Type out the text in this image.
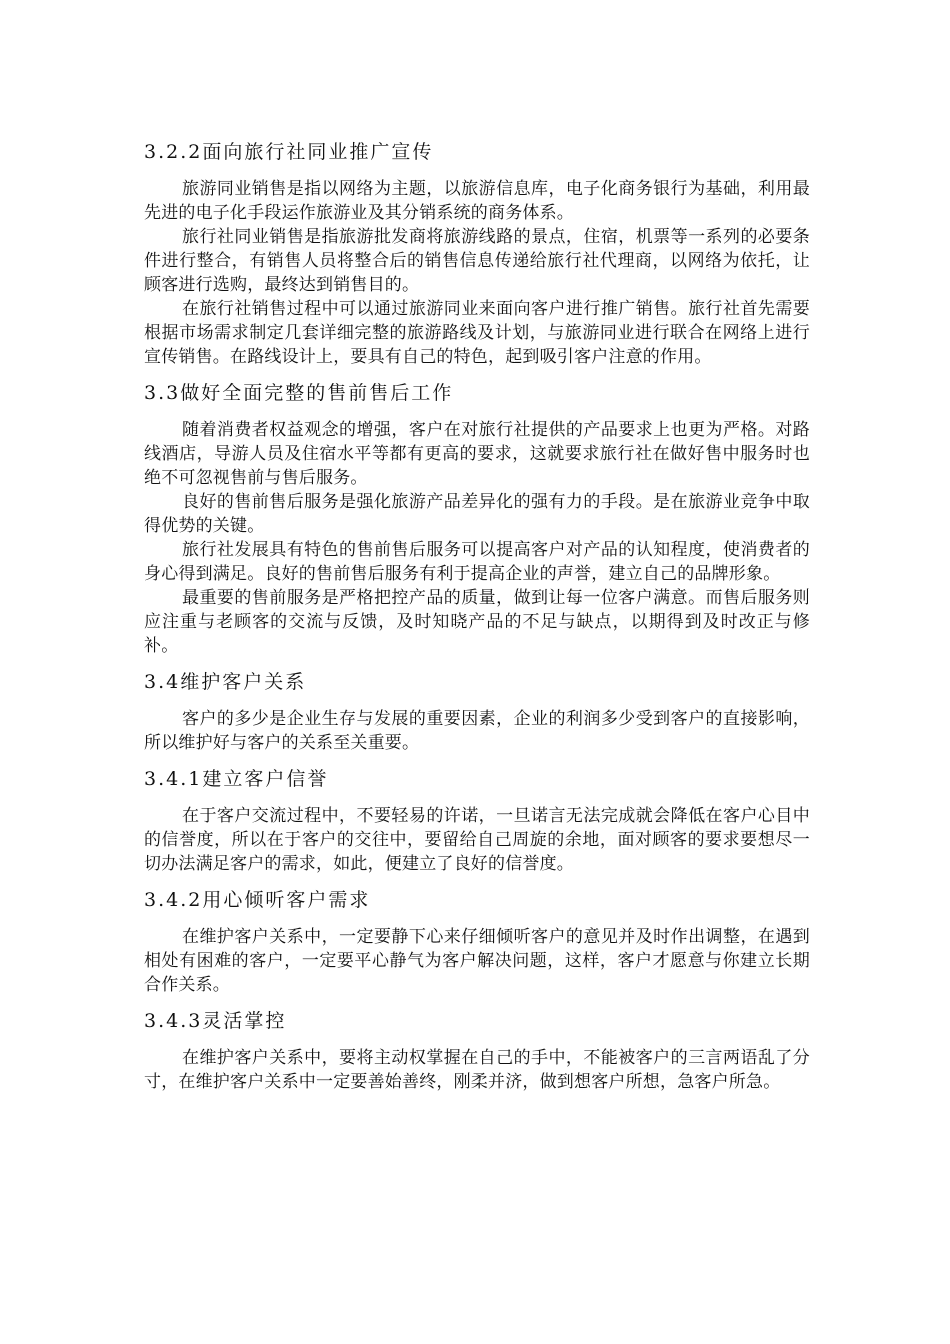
3.2.2面向旅行社同业推广宣传

旅游同业销售是指以网络为主题，以旅游信息库，电子化商务银行为基础，利用最先进的电子化手段运作旅游业及其分销系统的商务体系。

旅行社同业销售是指旅游批发商将旅游线路的景点，住宿，机票等一系列的必要条件进行整合，有销售人员将整合后的销售信息传递给旅行社代理商，以网络为依托，让顾客进行选购，最终达到销售目的。

在旅行社销售过程中可以通过旅游同业来面向客户进行推广销售。旅行社首先需要根据市场需求制定几套详细完整的旅游路线及计划，与旅游同业进行联合在网络上进行宣传销售。在路线设计上，要具有自己的特色，起到吸引客户注意的作用。

3.3做好全面完整的售前售后工作

随着消费者权益观念的增强，客户在对旅行社提供的产品要求上也更为严格。对路线酒店，导游人员及住宿水平等都有更高的要求，这就要求旅行社在做好售中服务时也绝不可忽视售前与售后服务。

良好的售前售后服务是强化旅游产品差异化的强有力的手段。是在旅游业竞争中取得优势的关键。

旅行社发展具有特色的售前售后服务可以提高客户对产品的认知程度，使消费者的身心得到满足。良好的售前售后服务有利于提高企业的声誉，建立自己的品牌形象。

最重要的售前服务是严格把控产品的质量，做到让每一位客户满意。而售后服务则应注重与老顾客的交流与反馈，及时知晓产品的不足与缺点，以期得到及时改正与修补。

3.4维护客户关系

客户的多少是企业生存与发展的重要因素，企业的利润多少受到客户的直接影响，所以维护好与客户的关系至关重要。

3.4.1建立客户信誉

在于客户交流过程中，不要轻易的许诺，一旦诺言无法完成就会降低在客户心目中的信誉度，所以在于客户的交往中，要留给自己周旋的余地，面对顾客的要求要想尽一切办法满足客户的需求，如此，便建立了良好的信誉度。

3.4.2用心倾听客户需求

在维护客户关系中，一定要静下心来仔细倾听客户的意见并及时作出调整，在遇到相处有困难的客户，一定要平心静气为客户解决问题，这样，客户才愿意与你建立长期合作关系。

3.4.3灵活掌控

在维护客户关系中，要将主动权掌握在自己的手中，不能被客户的三言两语乱了分寸，在维护客户关系中一定要善始善终，刚柔并济，做到想客户所想，急客户所急。
